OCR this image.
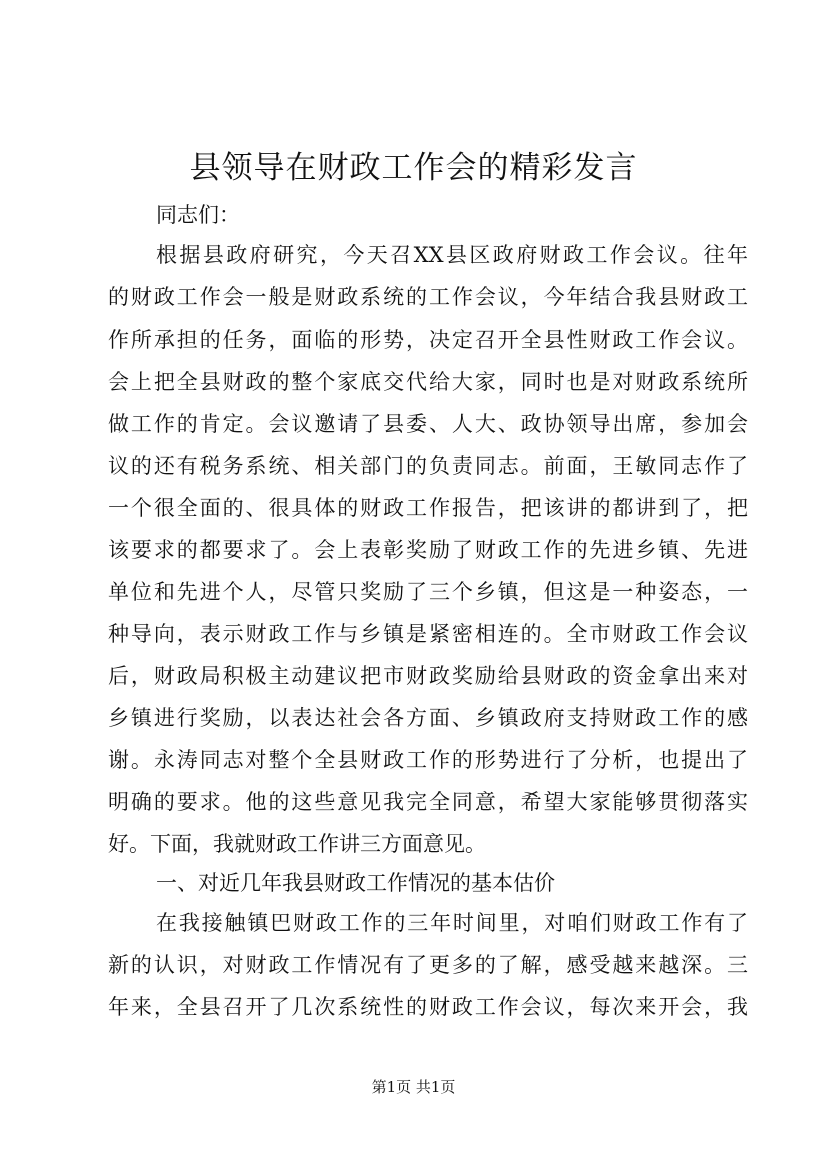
县领导在财政工作会的精彩发言
同志们：
根据县政府研究，今天召XX县区政府财政工作会议。往年
的财政工作会一般是财政系统的工作会议，今年结合我县财政工
作所承担的任务，面临的形势，决定召开全县性财政工作会议。
会上把全县财政的整个家底交代给大家，同时也是对财政系统所
做工作的肯定。会议邀请了县委、人大、政协领导出席，参加会
议的还有税务系统、相关部门的负责同志。前面，王敏同志作了
一个很全面的、很具体的财政工作报告，把该讲的都讲到了，把
该要求的都要求了。会上表彰奖励了财政工作的先进乡镇、先进
单位和先进个人，尽管只奖励了三个乡镇，但这是一种姿态，一
种导向，表示财政工作与乡镇是紧密相连的。全市财政工作会议
后，财政局积极主动建议把市财政奖励给县财政的资金拿出来对
乡镇进行奖励，以表达社会各方面、乡镇政府支持财政工作的感
谢。永涛同志对整个全县财政工作的形势进行了分析，也提出了
明确的要求。他的这些意见我完全同意，希望大家能够贯彻落实
好。下面，我就财政工作讲三方面意见。
一、对近几年我县财政工作情况的基本估价
在我接触镇巴财政工作的三年时间里，对咱们财政工作有了
新的认识，对财政工作情况有了更多的了解，感受越来越深。三
年来，全县召开了几次系统性的财政工作会议，每次来开会，我
第1页 共1页
